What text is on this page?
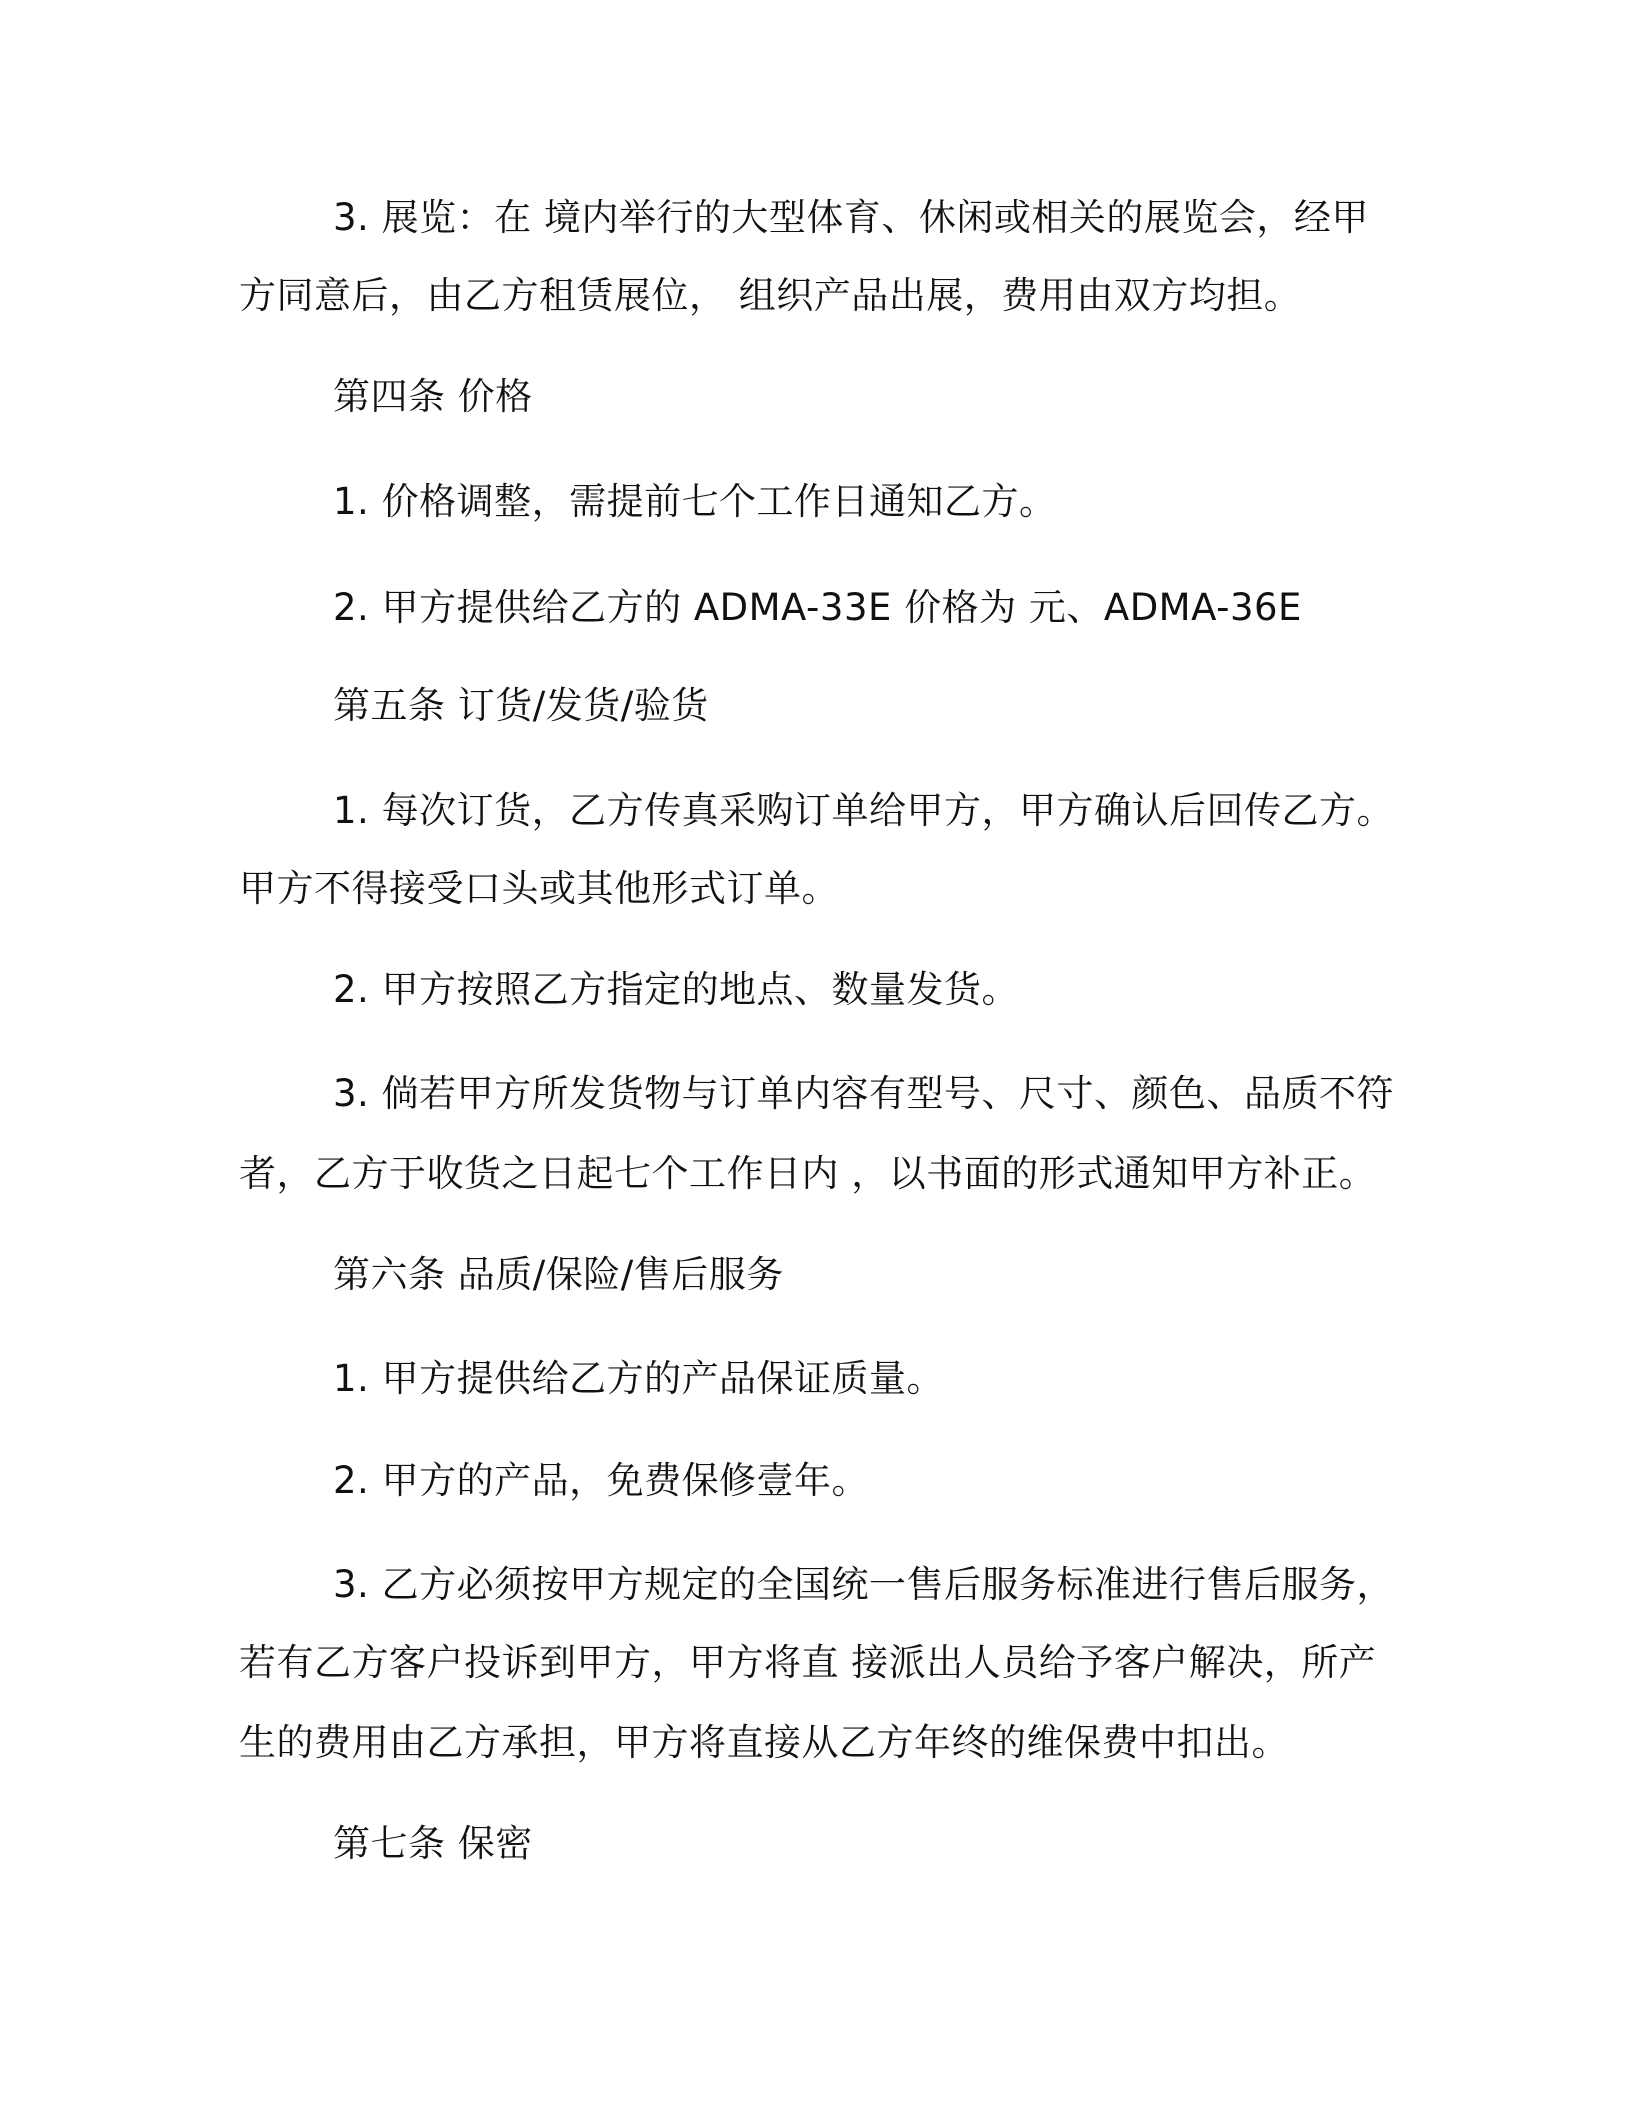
3. 展览：在 境内举行的大型体育、休闲或相关的展览会，经甲

方同意后，由乙方租赁展位， 组织产品出展，费用由双方均担。

第四条 价格

1. 价格调整，需提前七个工作日通知乙方。

2. 甲方提供给乙方的 ADMA-33E 价格为 元、ADMA-36E

第五条 订货/发货/验货

1. 每次订货，乙方传真采购订单给甲方，甲方确认后回传乙方。

甲方不得接受口头或其他形式订单。

2. 甲方按照乙方指定的地点、数量发货。

3. 倘若甲方所发货物与订单内容有型号、尺寸、颜色、品质不符

者，乙方于收货之日起七个工作日内 ，以书面的形式通知甲方补正。

第六条 品质/保险/售后服务

1. 甲方提供给乙方的产品保证质量。

2. 甲方的产品，免费保修壹年。

3. 乙方必须按甲方规定的全国统一售后服务标准进行售后服务，

若有乙方客户投诉到甲方，甲方将直 接派出人员给予客户解决，所产

生的费用由乙方承担，甲方将直接从乙方年终的维保费中扣出。

第七条 保密
